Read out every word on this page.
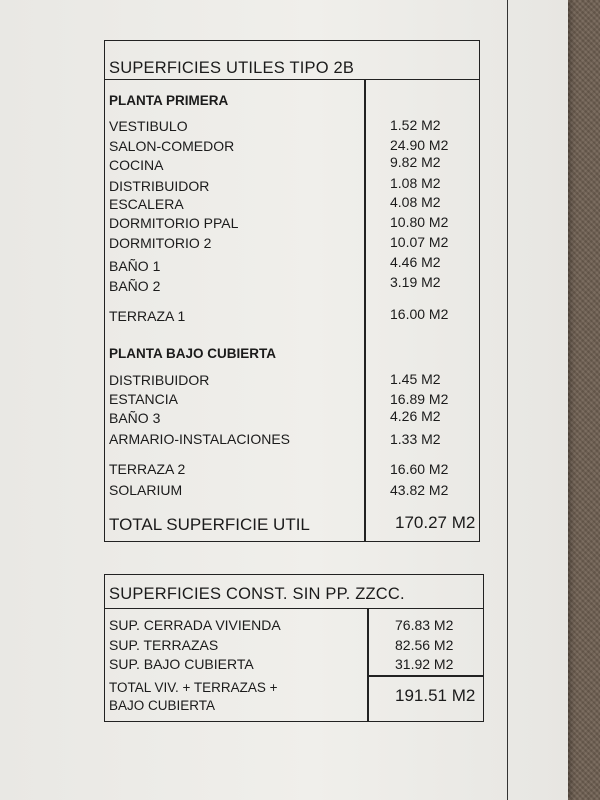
SUPERFICIES UTILES TIPO 2B
PLANTA PRIMERA
VESTIBULO	1.52 M2
SALON-COMEDOR	24.90 M2
COCINA	9.82 M2
DISTRIBUIDOR	1.08 M2
ESCALERA	4.08 M2
DORMITORIO PPAL	10.80 M2
DORMITORIO 2	10.07 M2
BAÑO 1	4.46 M2
BAÑO 2	3.19 M2
TERRAZA 1	16.00 M2
PLANTA BAJO CUBIERTA
DISTRIBUIDOR	1.45 M2
ESTANCIA	16.89 M2
BAÑO 3	4.26 M2
ARMARIO-INSTALACIONES	1.33 M2
TERRAZA 2	16.60 M2
SOLARIUM	43.82 M2
TOTAL SUPERFICIE UTIL	170.27 M2
SUPERFICIES CONST. SIN PP. ZZCC.
SUP. CERRADA VIVIENDA	76.83 M2
SUP. TERRAZAS	82.56 M2
SUP. BAJO CUBIERTA	31.92 M2
TOTAL VIV. + TERRAZAS +
BAJO CUBIERTA
191.51 M2
